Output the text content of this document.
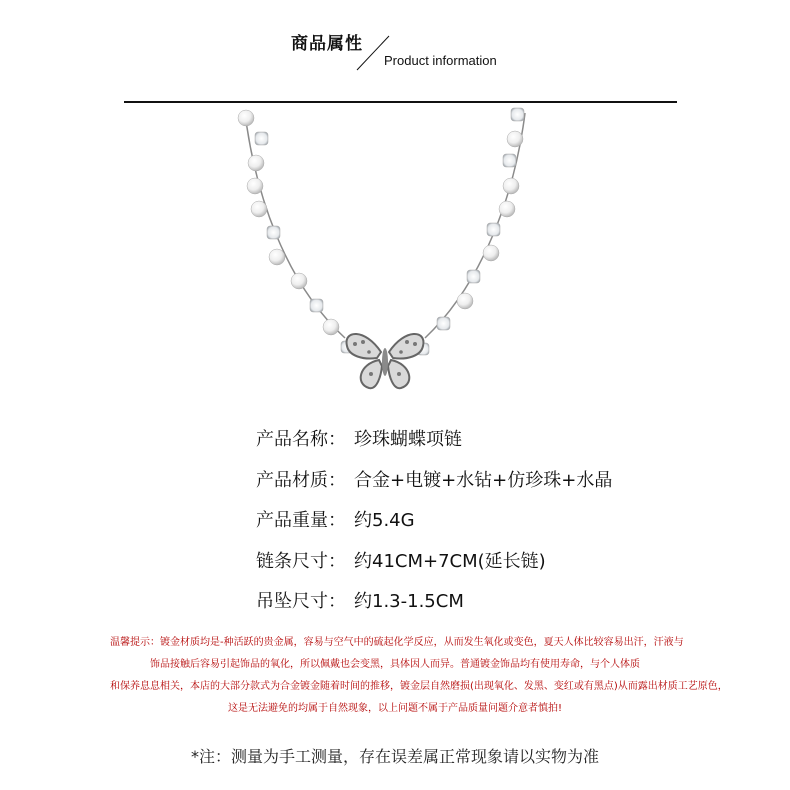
商品属性
Product information
产品名称 ： 珍珠蝴蝶项链
产品材质 ： 合金+电镀+水钻+仿珍珠+水晶
产品重量 ： 约5.4G
链条尺寸 ： 约41CM+7CM(延长链)
吊坠尺寸 ： 约1.3-1.5CM
温馨提示：镀金材质均是-种活跃的贵金属，容易与空气中的硫起化学反应，从而发生氧化或变色，夏天人体比较容易出汗，汗液与
饰品接触后容易引起饰品的氧化，所以佩戴也会变黑，具体因人而异。普通镀金饰品均有使用寿命，与个人体质
和保养息息相关，本店的大部分款式为合金镀金随着时间的推移，镀金层自然磨损(出现氧化、发黑、变红或有黑点)从而露出材质工艺原色，
这是无法避免的均属于自然现象，以上问题不属于产品质量问题介意者慎拍!
*注：测量为手工测量，存在误差属正常现象请以实物为准
